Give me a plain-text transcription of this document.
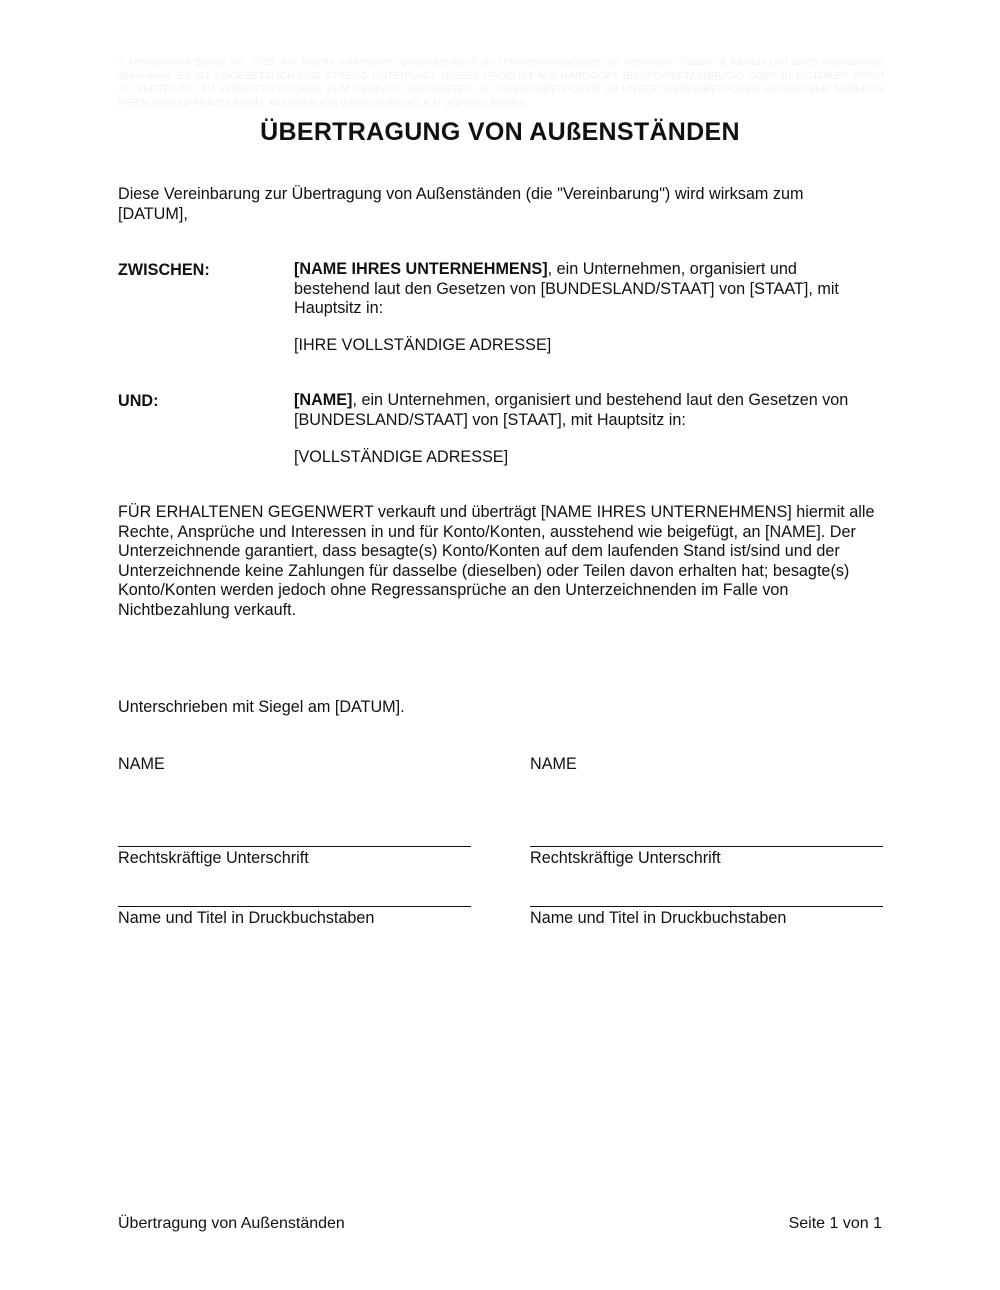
© Urheberrecht Biztree Inc. 2019. Alle Rechte vorbehalten. Geschützt durch die Urheberrechtsgesetze der Vereinigten Staaten & Kanada und durch internationale Abkommen. ES IST UNGESETZLICH UND STRENG UNTERSAGT, DIESES PRODUKT ALS HARDCOPY (EL-/SCHRIFTABDRUCK) ODER IN DIGITALER FORM ZU VERTEILEN, ZU VERÖFFENTLICHEN, ZUM VERKAUF ANZUBIETEN, ZU LIZENZIEREN ODER ZU UNTERLIZENZIEREN ODER GEGENÜBER ANDEREN PERSONEN OFFENZULEGEN. MISSBRAUCH WIRD GERICHTLICH VORGEGANGEN.
ÜBERTRAGUNG VON AUßENSTÄNDEN
Diese Vereinbarung zur Übertragung von Außenständen (die "Vereinbarung") wird wirksam zum [DATUM],
ZWISCHEN:	[NAME IHRES UNTERNEHMENS], ein Unternehmen, organisiert und bestehend laut den Gesetzen von [BUNDESLAND/STAAT] von [STAAT], mit Hauptsitz in:
[IHRE VOLLSTÄNDIGE ADRESSE]
UND:	[NAME], ein Unternehmen, organisiert und bestehend laut den Gesetzen von [BUNDESLAND/STAAT] von [STAAT], mit Hauptsitz in:
[VOLLSTÄNDIGE ADRESSE]
FÜR ERHALTENEN GEGENWERT verkauft und überträgt [NAME IHRES UNTERNEHMENS] hiermit alle Rechte, Ansprüche und Interessen in und für Konto/Konten, ausstehend wie beigefügt, an [NAME]. Der Unterzeichnende garantiert, dass besagte(s) Konto/Konten auf dem laufenden Stand ist/sind und der Unterzeichnende keine Zahlungen für dasselbe (dieselben) oder Teilen davon erhalten hat; besagte(s) Konto/Konten werden jedoch ohne Regressansprüche an den Unterzeichnenden im Falle von Nichtbezahlung verkauft.
Unterschrieben mit Siegel am [DATUM].
NAME
Rechtskräftige Unterschrift
Name und Titel in Druckbuchstaben
NAME
Rechtskräftige Unterschrift
Name und Titel in Druckbuchstaben
Übertragung von Außenständen	Seite 1 von 1
